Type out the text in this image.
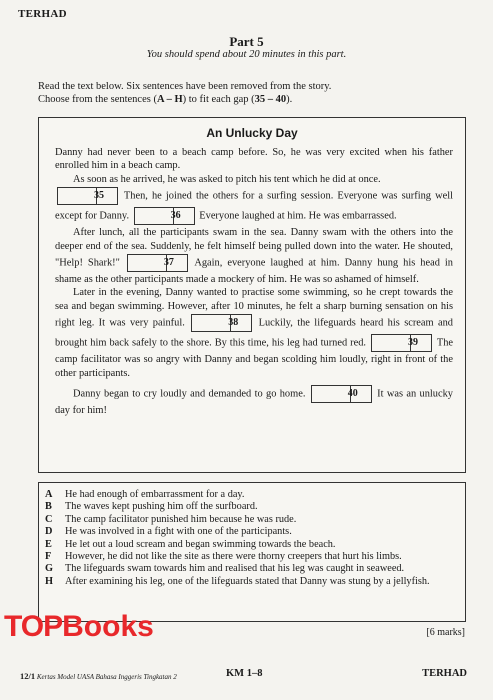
TERHAD
Part 5
You should spend about 20 minutes in this part.
Read the text below. Six sentences have been removed from the story.
Choose from the sentences (A – H) to fit each gap (35 – 40).
An Unlucky Day

Danny had never been to a beach camp before. So, he was very excited when his father enrolled him in a beach camp.

As soon as he arrived, he was asked to pitch his tent which he did at once.
35 Then, he joined the others for a surfing session. Everyone was surfing well except for Danny.	36 Everyone laughed at him. He was embarrassed.

After lunch, all the participants swam in the sea. Danny swam with the others into the deeper end of the sea. Suddenly, he felt himself being pulled down into the water. He shouted, "Help! Shark!"	37 Again, everyone laughed at him. Danny hung his head in shame as the other participants made a mockery of him. He was so ashamed of himself.

Later in the evening, Danny wanted to practise some swimming, so he crept towards the sea and began swimming. However, after 10 minutes, he felt a sharp burning sensation on his right leg. It was very painful.	38 Luckily, the lifeguards heard his scream and brought him back safely to the shore. By this time, his leg had turned red.	39 The camp facilitator was so angry with Danny and began scolding him loudly, right in front of the other participants.

Danny began to cry loudly and demanded to go home.	40 It was an unlucky day for him!

A	He had enough of embarrassment for a day.
B	The waves kept pushing him off the surfboard.
C	The camp facilitator punished him because he was rude.
D	He was involved in a fight with one of the participants.
E	He let out a loud scream and began swimming towards the beach.
F	However, he did not like the site as there were thorny creepers that hurt his limbs.
G	The lifeguards swam towards him and realised that his leg was caught in seaweed.
H	After examining his leg, one of the lifeguards stated that Danny was stung by a jellyfish.
[6 marks]
TOPBooks
12/1 Kertas Model UASA Bahasa Inggeris Tingkatan 2	KM 1–8	TERHAD
